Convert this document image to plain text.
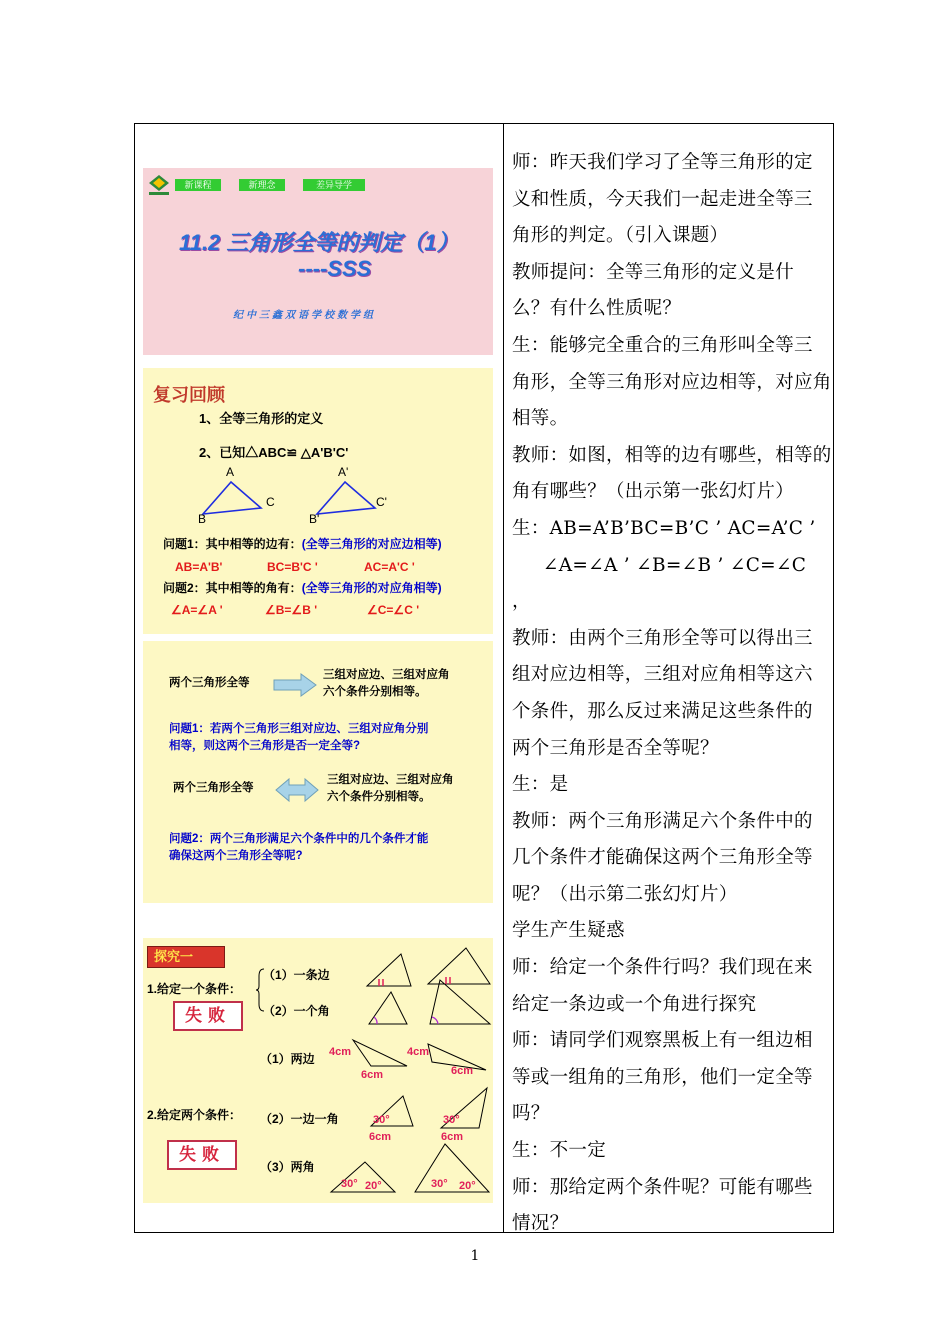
新课程	新理念	差异导学
11.2 三角形全等的判定（1）
----SSS
纪中三鑫双语学校数学组
复习回顾
1、全等三角形的定义
2、已知△ABC≌ △A'B'C'
A
B
C
A'
B'
C'
问题1：其中相等的边有：(全等三角形的对应边相等)
AB=A'B'	BC=B'C '	AC=A'C '
问题2：其中相等的角有：(全等三角形的对应角相等)
∠A=∠A '	∠B=∠B '	∠C=∠C '
两个三角形全等
三组对应边、三组对应角
六个条件分别相等。
问题1：若两个三角形三组对应边、三组对应角分别
相等，则这两个三角形是否一定全等?
两个三角形全等
三组对应边、三组对应角
六个条件分别相等。
问题2：两个三角形满足六个条件中的几个条件才能
确保这两个三角形全等呢?
探究一
1.给定一个条件：
（1）一条边
（2）一个角
失败
2.给定两个条件：
（1）两边
（2）一边一角
（3）两角
失败
4cm
6cm
4cm
6cm
30°
6cm
30°
6cm
30° 20°	30° 20°

师：昨天我们学习了全等三角形的定

义和性质，今天我们一起走进全等三

角形的判定。（引入课题）

教师提问：全等三角形的定义是什

么？有什么性质呢？

生：能够完全重合的三角形叫全等三

角形，全等三角形对应边相等，对应角

相等。

教师：如图，相等的边有哪些，相等的

角有哪些？（出示第一张幻灯片）

生：AB=A’B’BC=B’C ’ AC=A’C ’

∠A=∠A ’ ∠B=∠B ’ ∠C=∠C

，

教师：由两个三角形全等可以得出三

组对应边相等，三组对应角相等这六

个条件，那么反过来满足这些条件的

两个三角形是否全等呢？

生：是

教师：两个三角形满足六个条件中的

几个条件才能确保这两个三角形全等

呢？（出示第二张幻灯片）

学生产生疑惑

师：给定一个条件行吗？我们现在来

给定一条边或一个角进行探究

师：请同学们观察黑板上有一组边相

等或一组角的三角形，他们一定全等

吗？

生：不一定

师：那给定两个条件呢？可能有哪些

情况？

1
